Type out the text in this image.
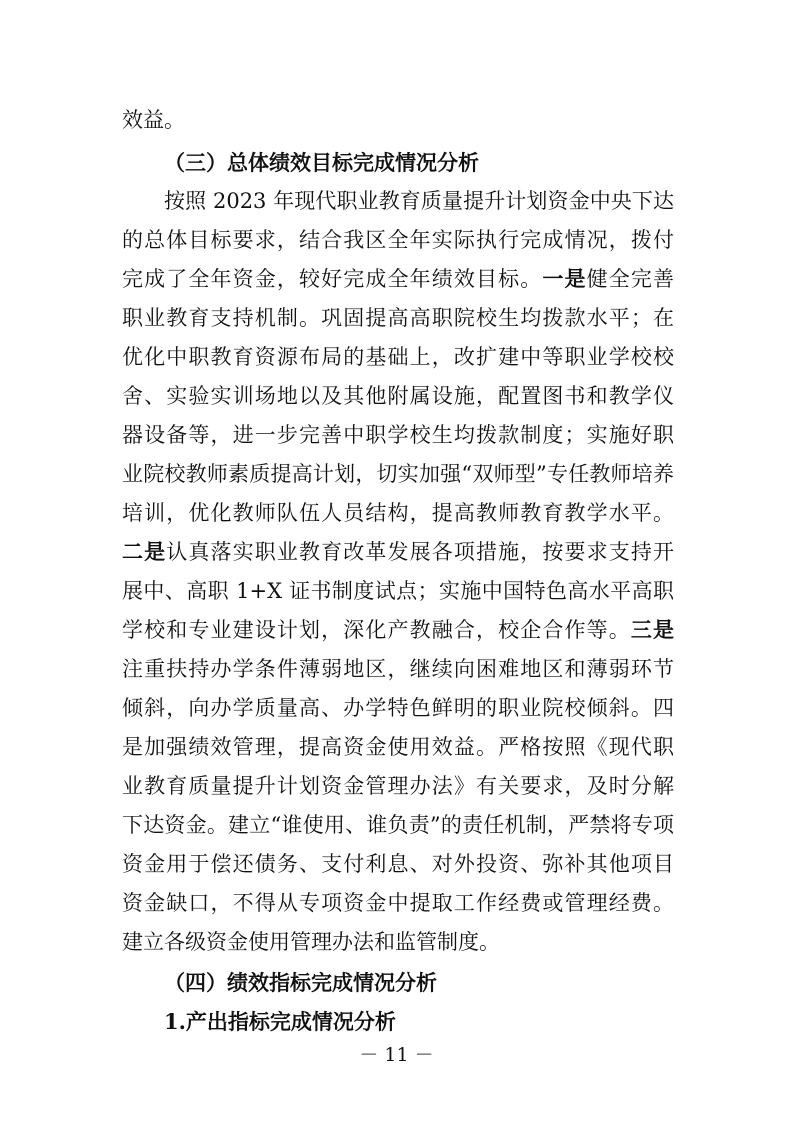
效益。
（三）总体绩效目标完成情况分析
按照 2023 年现代职业教育质量提升计划资金中央下达
的总体目标要求，结合我区全年实际执行完成情况，拨付
完成了全年资金，较好完成全年绩效目标。一是健全完善
职业教育支持机制。巩固提高高职院校生均拨款水平；在
优化中职教育资源布局的基础上，改扩建中等职业学校校
舍、实验实训场地以及其他附属设施，配置图书和教学仪
器设备等，进一步完善中职学校生均拨款制度；实施好职
业院校教师素质提高计划，切实加强“双师型”专任教师培养
培训，优化教师队伍人员结构，提高教师教育教学水平。
二是认真落实职业教育改革发展各项措施，按要求支持开
展中、高职 1+X 证书制度试点；实施中国特色高水平高职
学校和专业建设计划，深化产教融合，校企合作等。三是
注重扶持办学条件薄弱地区，继续向困难地区和薄弱环节
倾斜，向办学质量高、办学特色鲜明的职业院校倾斜。四
是加强绩效管理，提高资金使用效益。严格按照《现代职
业教育质量提升计划资金管理办法》有关要求，及时分解
下达资金。建立“谁使用、谁负责”的责任机制，严禁将专项
资金用于偿还债务、支付利息、对外投资、弥补其他项目
资金缺口，不得从专项资金中提取工作经费或管理经费。
建立各级资金使用管理办法和监管制度。
（四）绩效指标完成情况分析
1.产出指标完成情况分析
－ 11 －
